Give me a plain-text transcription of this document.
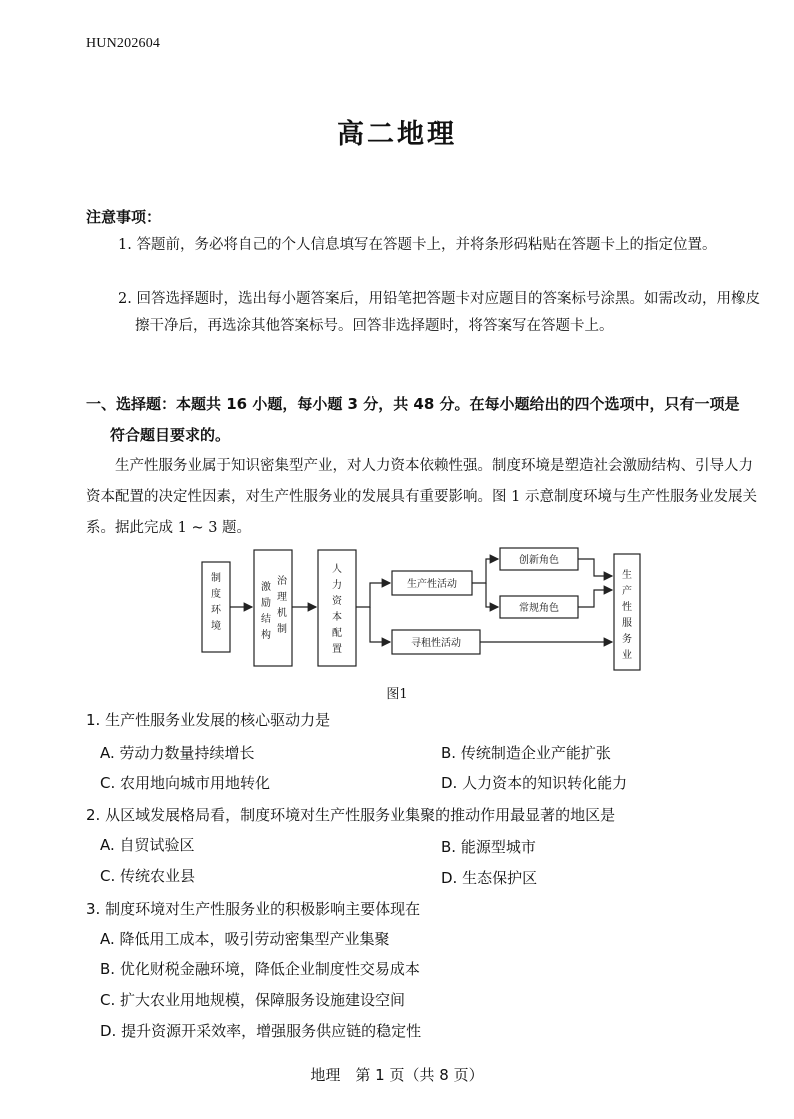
HUN202604
高二地理
注意事项：
1. 答题前，务必将自己的个人信息填写在答题卡上，并将条形码粘贴在答题卡上的指定位置。
2. 回答选择题时，选出每小题答案后，用铅笔把答题卡对应题目的答案标号涂黑。如需改动，用橡皮擦干净后，再选涂其他答案标号。回答非选择题时，将答案写在答题卡上。
一、选择题：本题共 16 小题，每小题 3 分，共 48 分。在每小题给出的四个选项中，只有一项是
符合题目要求的。
生产性服务业属于知识密集型产业，对人力资本依赖性强。制度环境是塑造社会激励结构、引导人力资本配置的决定性因素，对生产性服务业的发展具有重要影响。图 1 示意制度环境与生产性服务业发展关系。据此完成 1 ~ 3 题。
制
度
环
境
激
励
结
构
治
理
机
制
人
力
资
本
配
置
生产性活动
创新角色
常规角色
寻租性活动
生
产
性
服
务
业
图1
1. 生产性服务业发展的核心驱动力是
A. 劳动力数量持续增长	B. 传统制造企业产能扩张
C. 农用地向城市用地转化	D. 人力资本的知识转化能力
2. 从区域发展格局看，制度环境对生产性服务业集聚的推动作用最显著的地区是
A. 自贸试验区	B. 能源型城市
C. 传统农业县	D. 生态保护区
3. 制度环境对生产性服务业的积极影响主要体现在
A. 降低用工成本，吸引劳动密集型产业集聚
B. 优化财税金融环境，降低企业制度性交易成本
C. 扩大农业用地规模，保障服务设施建设空间
D. 提升资源开采效率，增强服务供应链的稳定性
地理　第 1 页（共 8 页）
